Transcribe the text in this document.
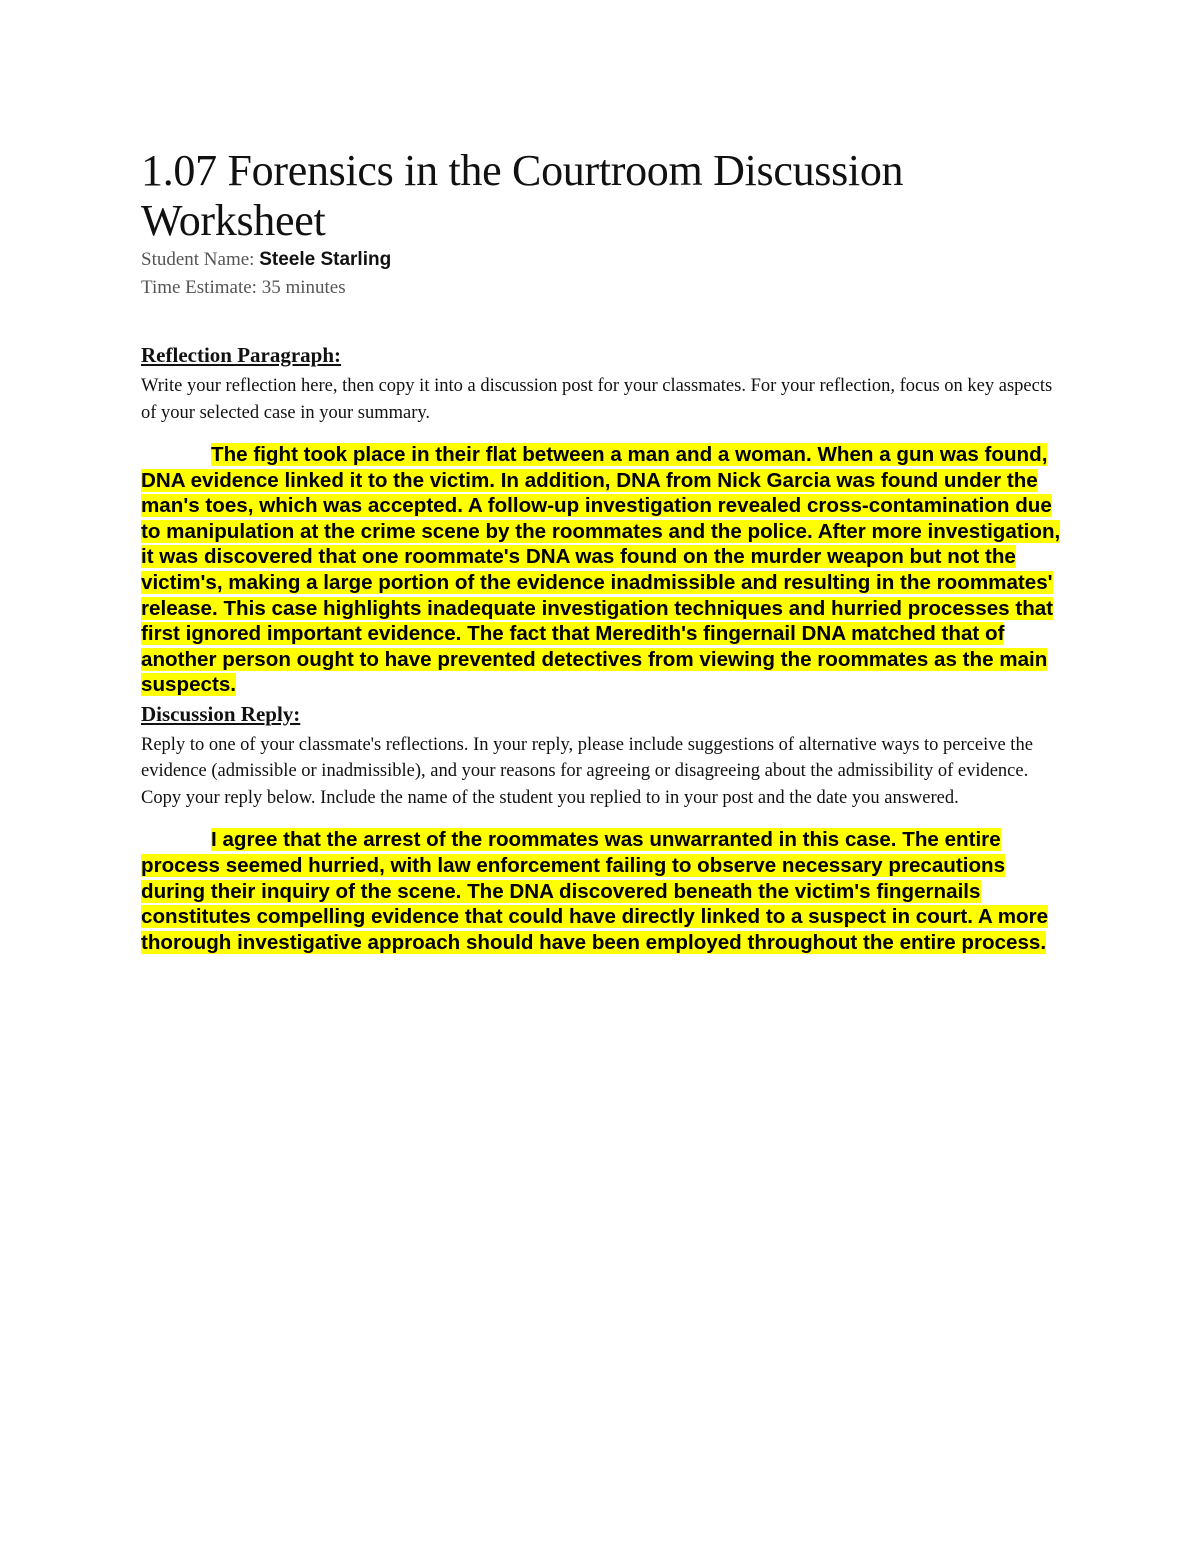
1.07 Forensics in the Courtroom Discussion Worksheet

Student Name: Steele Starling

Time Estimate: 35 minutes

Reflection Paragraph:

Write your reflection here, then copy it into a discussion post for your classmates. For your reflection, focus on key aspects of your selected case in your summary.

The fight took place in their flat between a man and a woman. When a gun was found, DNA evidence linked it to the victim. In addition, DNA from Nick Garcia was found under the man's toes, which was accepted. A follow-up investigation revealed cross-contamination due to manipulation at the crime scene by the roommates and the police. After more investigation, it was discovered that one roommate's DNA was found on the murder weapon but not the victim's, making a large portion of the evidence inadmissible and resulting in the roommates' release. This case highlights inadequate investigation techniques and hurried processes that first ignored important evidence. The fact that Meredith's fingernail DNA matched that of another person ought to have prevented detectives from viewing the roommates as the main suspects.

Discussion Reply:

Reply to one of your classmate's reflections. In your reply, please include suggestions of alternative ways to perceive the evidence (admissible or inadmissible), and your reasons for agreeing or disagreeing about the admissibility of evidence. Copy your reply below. Include the name of the student you replied to in your post and the date you answered.

I agree that the arrest of the roommates was unwarranted in this case. The entire process seemed hurried, with law enforcement failing to observe necessary precautions during their inquiry of the scene. The DNA discovered beneath the victim's fingernails constitutes compelling evidence that could have directly linked to a suspect in court. A more thorough investigative approach should have been employed throughout the entire process.
